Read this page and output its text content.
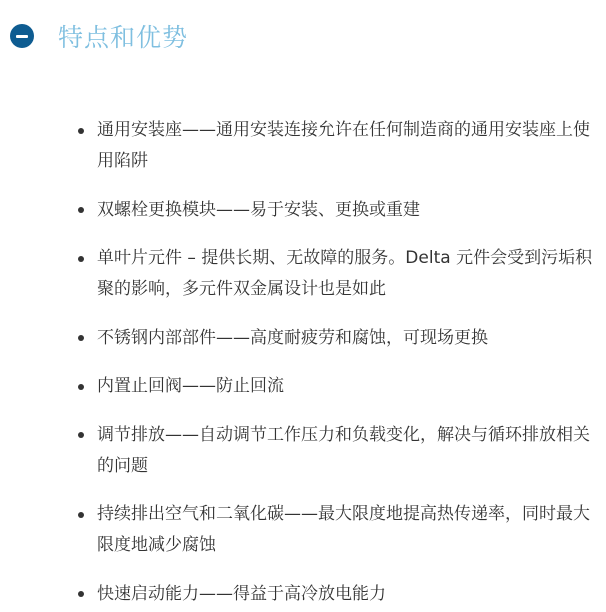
特点和优势
通用安装座——通用安装连接允许在任何制造商的通用安装座上使用陷阱
双螺栓更换模块——易于安装、更换或重建
单叶片元件 – 提供长期、无故障的服务。Delta 元件会受到污垢积聚的影响，多元件双金属设计也是如此
不锈钢内部部件——高度耐疲劳和腐蚀，可现场更换
内置止回阀——防止回流
调节排放——自动调节工作压力和负载变化，解决与循环排放相关的问题
持续排出空气和二氧化碳——最大限度地提高热传递率，同时最大限度地减少腐蚀
快速启动能力——得益于高冷放电能力
